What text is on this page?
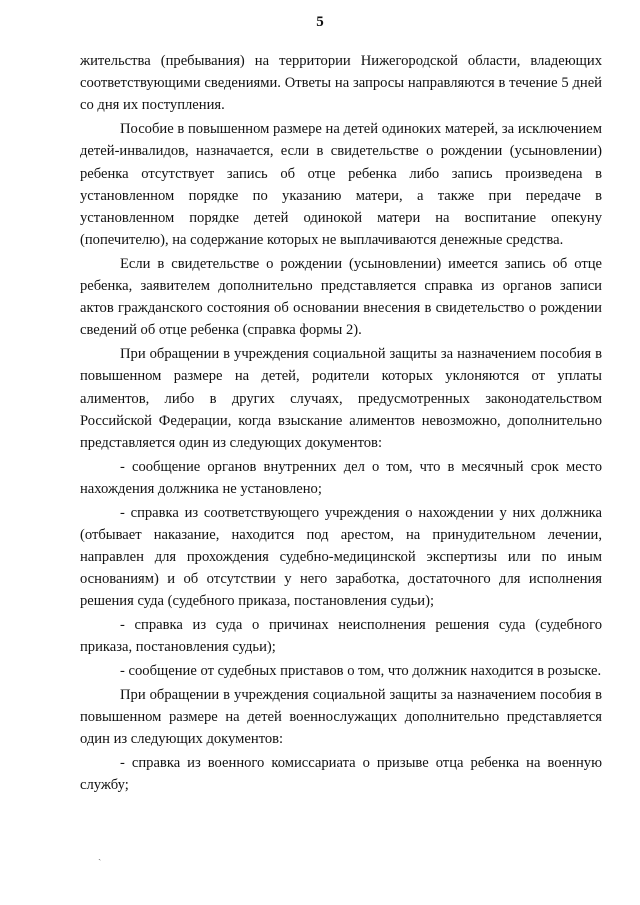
5

жительства (пребывания) на территории Нижегородской области, владеющих соответствующими сведениями. Ответы на запросы направляются в течение 5 дней со дня их поступления.

Пособие в повышенном размере на детей одиноких матерей, за исключением детей-инвалидов, назначается, если в свидетельстве о рождении (усыновлении) ребенка отсутствует запись об отце ребенка либо запись произведена в установленном порядке по указанию матери, а также при передаче в установленном порядке детей одинокой матери на воспитание опекуну (попечителю), на содержание которых не выплачиваются денежные средства.

Если в свидетельстве о рождении (усыновлении) имеется запись об отце ребенка, заявителем дополнительно представляется справка из органов записи актов гражданского состояния об основании внесения в свидетельство о рождении сведений об отце ребенка (справка формы 2).

При обращении в учреждения социальной защиты за назначением пособия в повышенном размере на детей, родители которых уклоняются от уплаты алиментов, либо в других случаях, предусмотренных законодательством Российской Федерации, когда взыскание алиментов невозможно, дополнительно представляется один из следующих документов:

- сообщение органов внутренних дел о том, что в месячный срок место нахождения должника не установлено;

- справка из соответствующего учреждения о нахождении у них должника (отбывает наказание, находится под арестом, на принудительном лечении, направлен для прохождения судебно-медицинской экспертизы или по иным основаниям) и об отсутствии у него заработка, достаточного для исполнения решения суда (судебного приказа, постановления судьи);

- справка из суда о причинах неисполнения решения суда (судебного приказа, постановления судьи);

- сообщение от судебных приставов о том, что должник находится в розыске.

При обращении в учреждения социальной защиты за назначением пособия в повышенном размере на детей военнослужащих дополнительно представляется один из следующих документов:

- справка из военного комиссариата о призыве отца ребенка на военную службу;

ˏ
